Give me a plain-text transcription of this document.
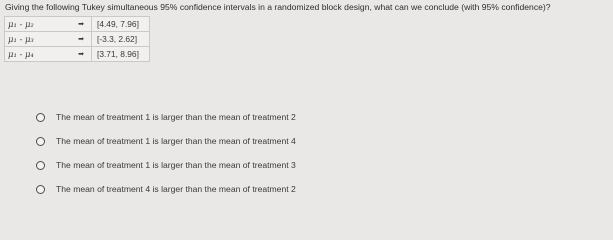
Giving the following Tukey simultaneous 95% confidence intervals in a randomized block design, what can we conclude (with 95% confidence)?
μ₁ - μ₂	➡	[4.49, 7.96]
μ₁ - μ₃	➡	[-3.3, 2.62]
μ₁ - μ₄	➡	[3.71, 8.96]
The mean of treatment 1 is larger than the mean of treatment 2
The mean of treatment 1 is larger than the mean of treatment 4
The mean of treatment 1 is larger than the mean of treatment 3
The mean of treatment 4 is larger than the mean of treatment 2
